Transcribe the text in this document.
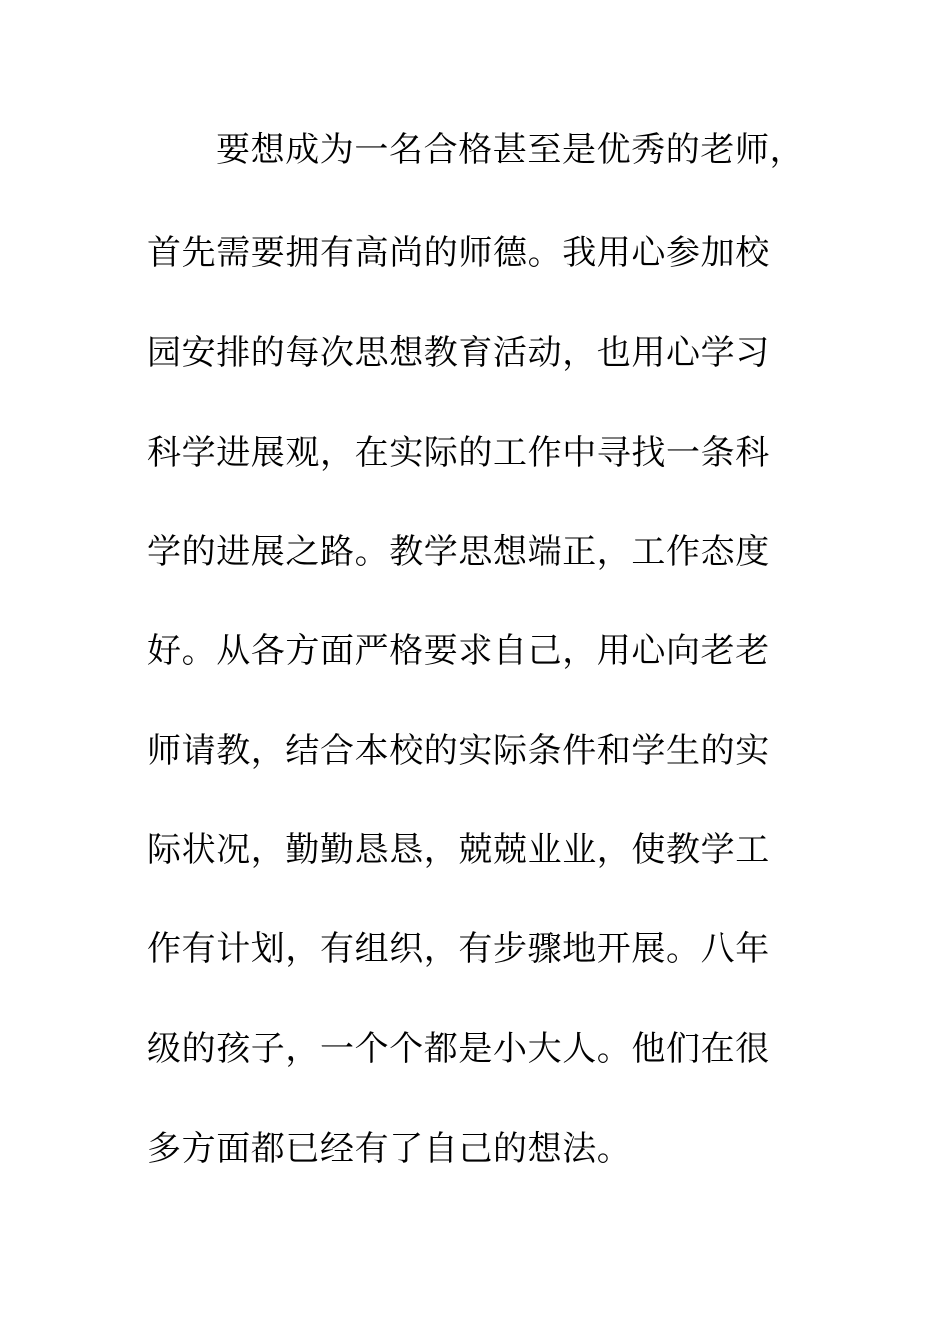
要想成为一名合格甚至是优秀的老师，
首先需要拥有高尚的师德。我用心参加校
园安排的每次思想教育活动，也用心学习
科学进展观，在实际的工作中寻找一条科
学的进展之路。教学思想端正，工作态度
好。从各方面严格要求自己，用心向老老
师请教，结合本校的实际条件和学生的实
际状况，勤勤恳恳，兢兢业业，使教学工
作有计划，有组织，有步骤地开展。八年
级的孩子，一个个都是小大人。他们在很
多方面都已经有了自己的想法。
